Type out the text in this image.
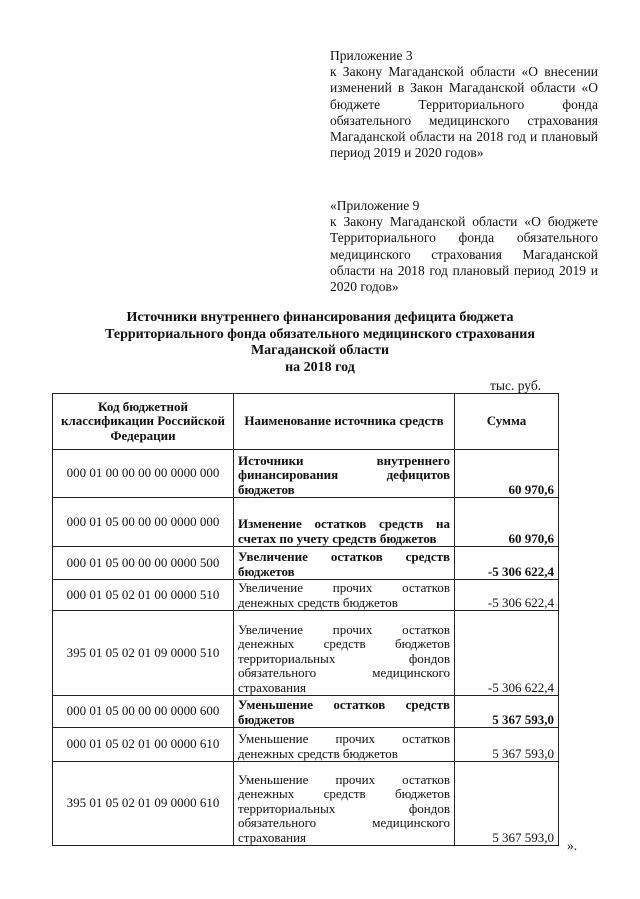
Приложение 3

к Закону Магаданской области «О внесении изменений в Закон Магаданской области «О бюджете Территориального фонда обязательного медицинского страхования Магаданской области на 2018 год и плановый период 2019 и 2020 годов»

«Приложение 9

к Закону Магаданской области «О бюджете Территориального фонда обязательного медицинского страхования Магаданской области на 2018 год плановый период 2019 и 2020 годов»

Источники внутреннего финансирования дефицита бюджета

Территориального фонда обязательного медицинского страхования

Магаданской области

на 2018 год

тыс. руб.
Код бюджетной классификации Российской Федерации	Наименование источника средств	Сумма
000 01 00 00 00 00 0000 000	Источники внутреннего финансирования дефицитов бюджетов	60 970,6
000 01 05 00 00 00 0000 000	Изменение остатков средств на счетах по учету средств бюджетов	60 970,6
000 01 05 00 00 00 0000 500	Увеличение остатков средств бюджетов	-5 306 622,4
000 01 05 02 01 00 0000 510	Увеличение прочих остатков денежных средств бюджетов	-5 306 622,4
395 01 05 02 01 09 0000 510	Увеличение прочих остатков денежных средств бюджетов территориальных фондов обязательного медицинского страхования	-5 306 622,4
000 01 05 00 00 00 0000 600	Уменьшение остатков средств бюджетов	5 367 593,0
000 01 05 02 01 00 0000 610	Уменьшение прочих остатков денежных средств бюджетов	5 367 593,0
395 01 05 02 01 09 0000 610	Уменьшение прочих остатков денежных средств бюджетов территориальных фондов обязательного медицинского страхования	5 367 593,0
».
